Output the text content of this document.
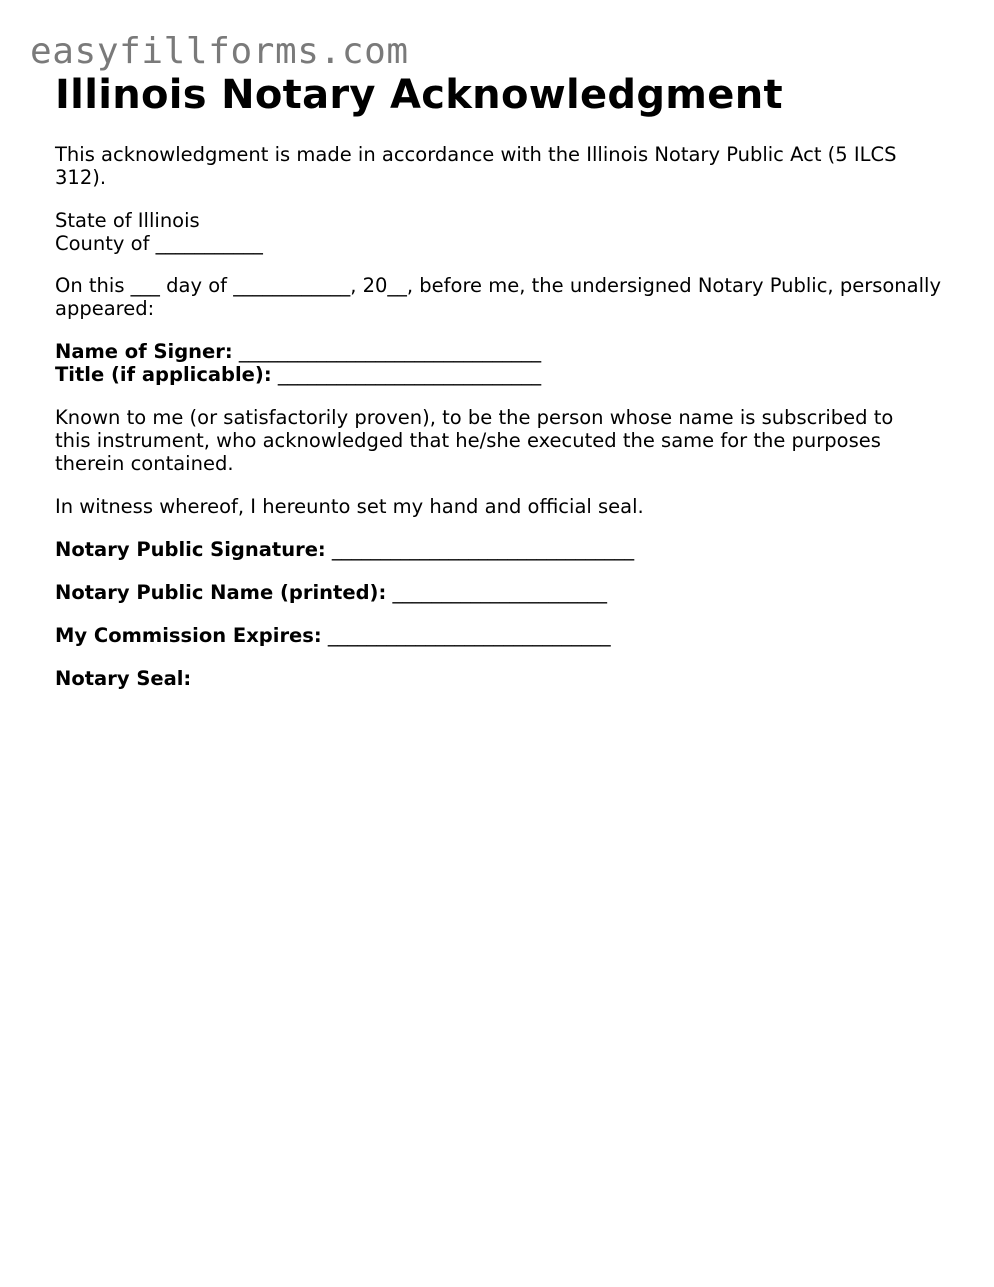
easyfillforms.com
Illinois Notary Acknowledgment

This acknowledgment is made in accordance with the Illinois Notary Public Act (5 ILCS 312).

State of Illinois
County of ___________

On this ___ day of ____________, 20__, before me, the undersigned Notary Public, personally appeared:

Name of Signer: _______________________________
Title (if applicable): ___________________________

Known to me (or satisfactorily proven), to be the person whose name is subscribed to this instrument, who acknowledged that he/she executed the same for the purposes therein contained.

In witness whereof, I hereunto set my hand and official seal.

Notary Public Signature: _______________________________

Notary Public Name (printed): ______________________

My Commission Expires: _____________________________

Notary Seal:
